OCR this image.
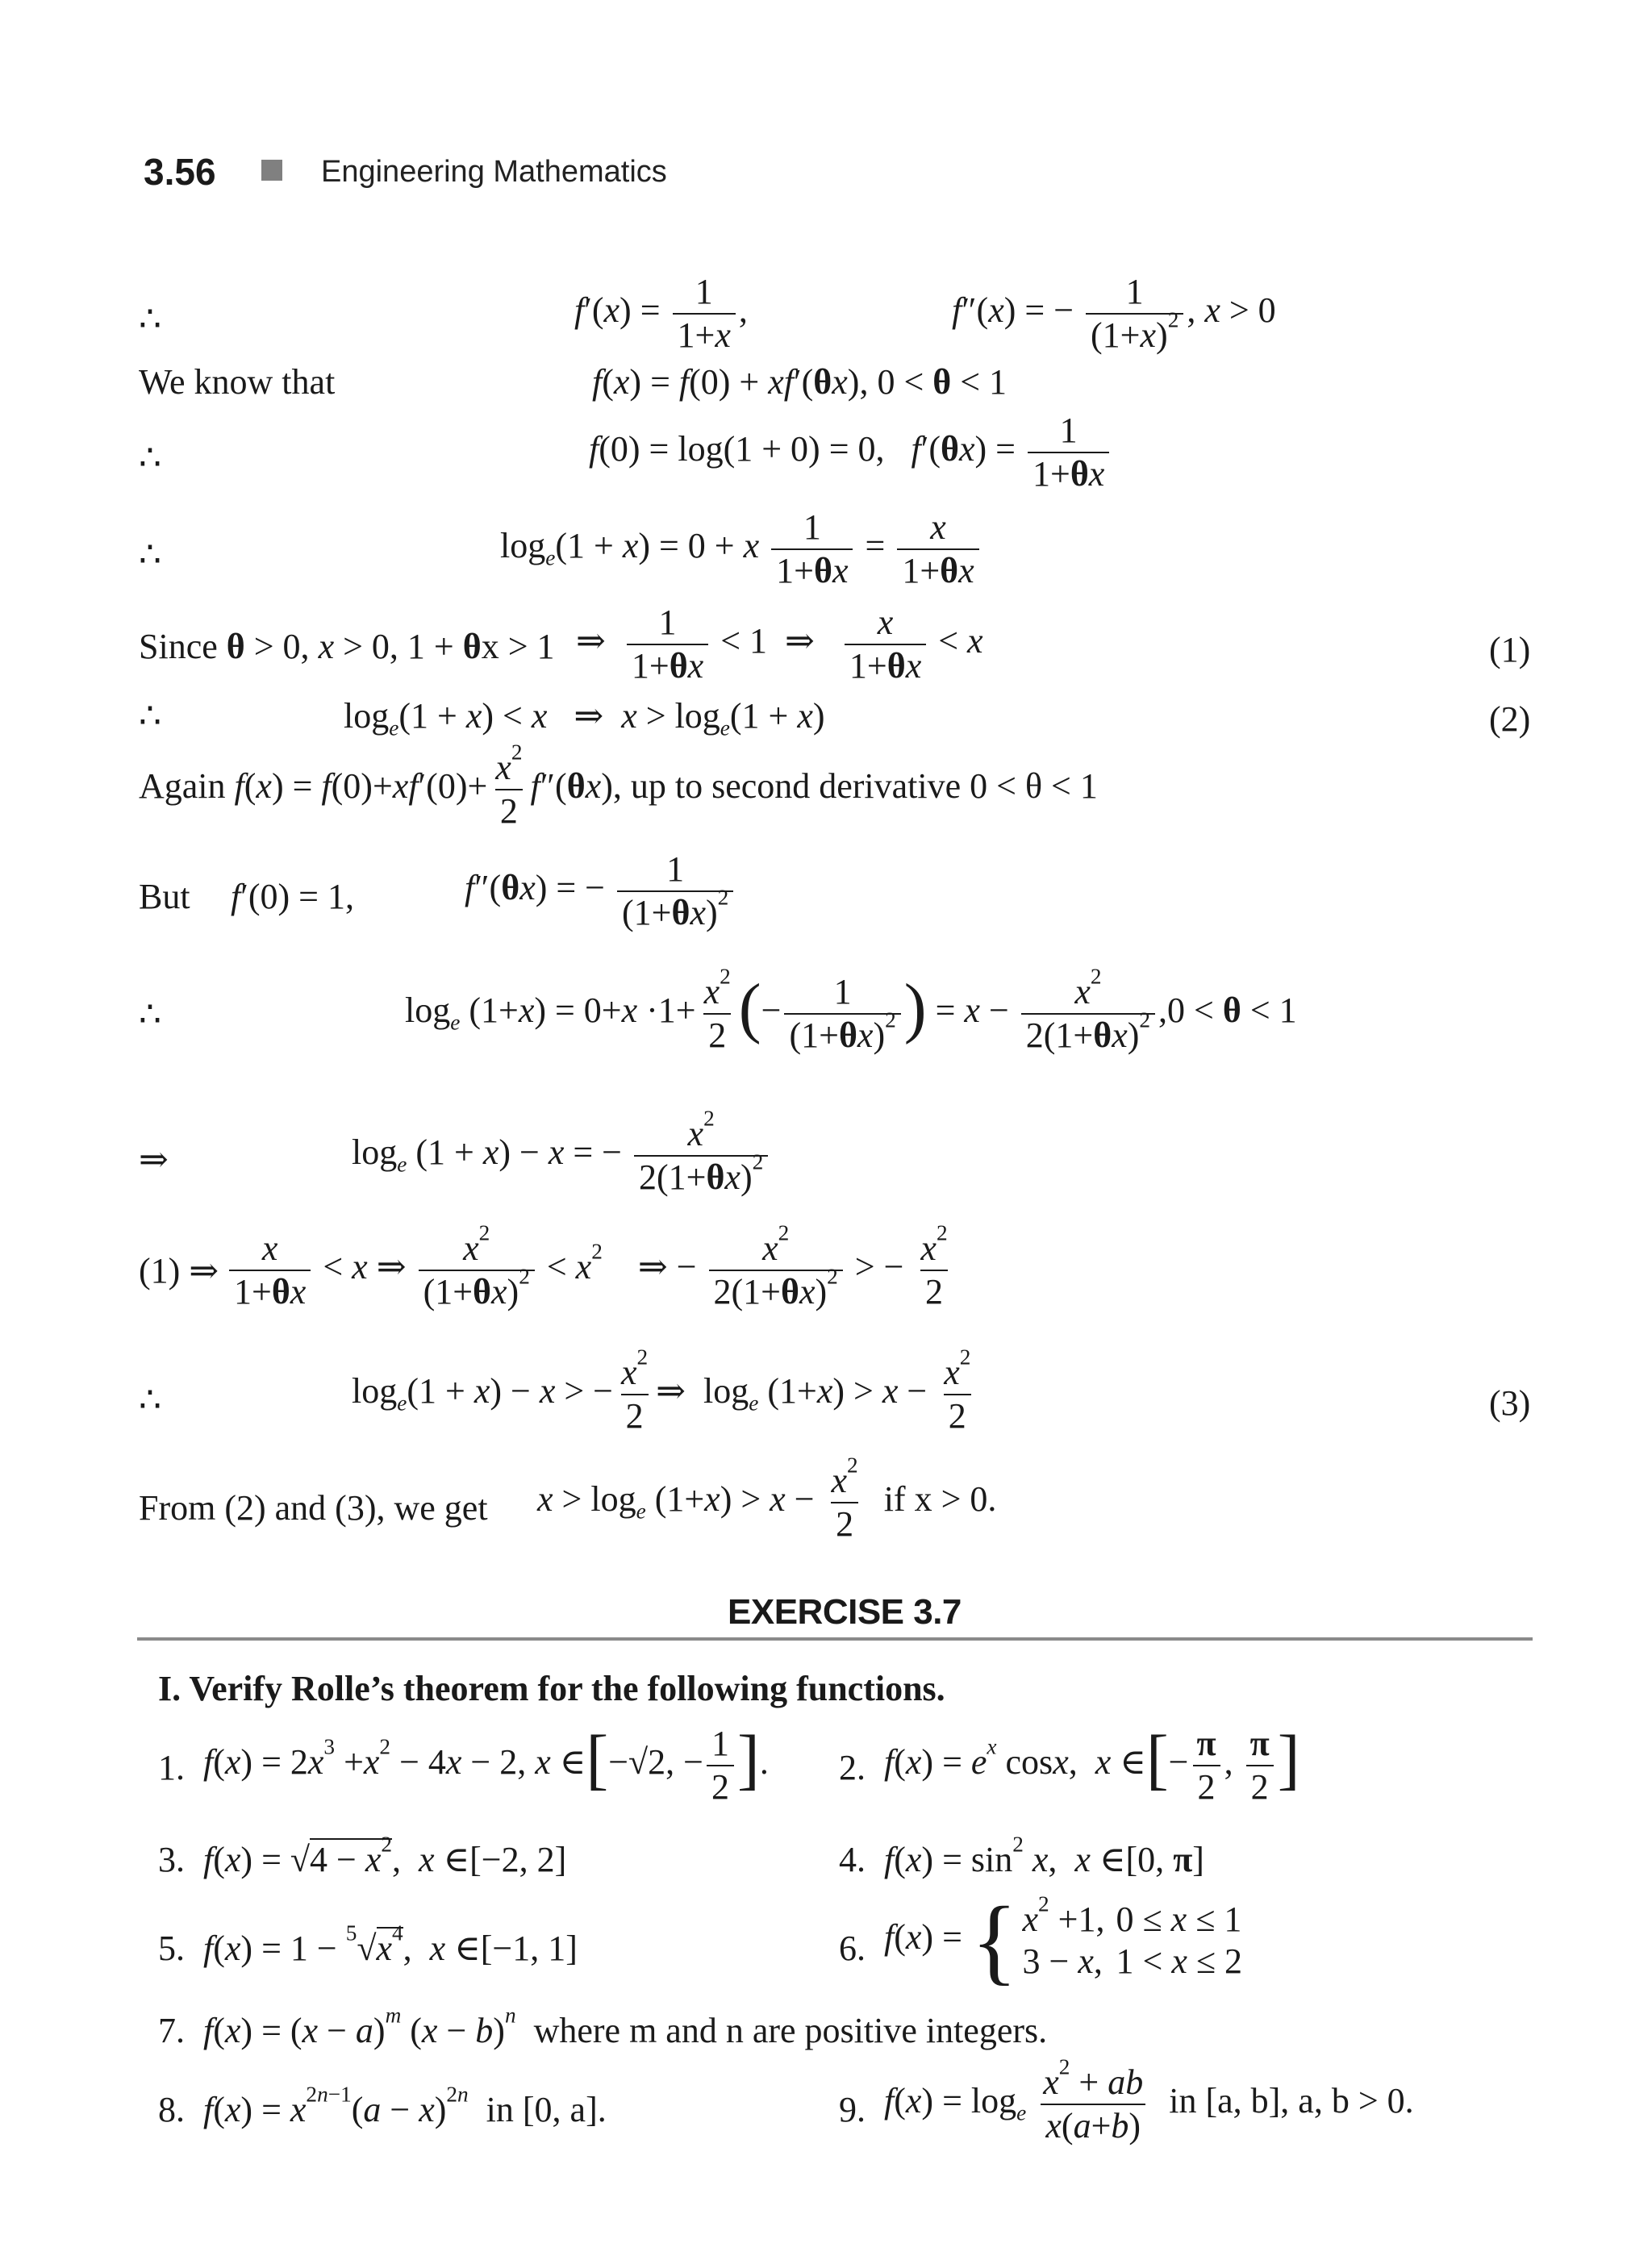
3.56	Engineering Mathematics
∴	$f'(x) = \frac{1}{1+x}$ ,	f″(x) = − $\frac{1}{(1+x)^2}$ , x > 0
We know that	f(x) = f(0) + xf′(θx), 0 < θ < 1
∴	f(0) = log(1 + 0) = 0,   $f'(\theta x) = \frac{1}{1+\theta x}$
∴	$\log_e(1 + x) = 0 + x \frac{1}{1+\theta x} = \frac{x}{1+\theta x}$
Since θ > 0, x > 0, 1 + θx > 1 ⇒ $\frac{1}{1+\theta x} < 1$  ⇒ $\frac{x}{1+\theta x} < x$	(1)
∴	$\log_e(1 + x) < x$   ⇒  $x > \log_e(1 + x)$	(2)
Again $f(x) = f(0)+xf'(0)+ \frac{x^2}{2} f''(\theta x)$, up to second derivative 0 < θ < 1
But f′(0) = 1,	f″(θx) = − $\frac{1}{(1+\theta x)^2}$
∴	$\log_e (1+x) = 0+x \cdot 1+ \frac{x^2}{2}$ (− $\frac{1}{(1+\theta x)^2}$ ) = $x - \frac{x^2}{2(1+\theta x)^2} ,0 < \theta < 1$
⇒	$\log_e (1 + x) - x$ = − $\frac{x^2}{2(1+\theta x)^2}$
(1) ⇒ $\frac{x}{1+\theta x} < x$ ⇒ $\frac{x^2}{(1+\theta x)^2} < x^2$    ⇒ − $\frac{x^2}{2(1+\theta x)^2}$ > − $\frac{x^2}{2}$
∴	$\log_e(1 + x) - x$ > − $\frac{x^2}{2}$ ⇒  $\log_e (1+x) > x - \frac{x^2}{2}$	(3)
From (2) and (3), we get $x > \log_e (1+x) > x - \frac{x^2}{2}$ if x > 0.
EXERCISE 3.7
I. Verify Rolle’s theorem for the following functions.
1. $f(x) = 2x^3 +x^2 - 4x - 2$, x ∈[−√2, − $\frac{1}{2}$ ]. 2. $f(x) = e^x$ cosx,  x ∈[− $\frac{\pi}{2}$ , $\frac{\pi}{2}$ ]
3. $f(x) = √4 - x^2$,  x ∈[−2, 2]	4. $f(x) = \sin^2 x$,  x ∈[0, π]
5. $f(x) = 1 - ^5√x^4$,  x ∈[−1, 1]	6. f(x) = { $x^2 +1$,	0 ≤ x ≤ 1
3 − x,	1 < x ≤ 2
7. $f(x) = (x - a)^m$ $(x - b)^n$ where m and n are positive integers.
8. $f(x) = x^{2n-1}(a - x)^{2n}$ in [0, a].	9. $f(x) = \log_e \frac{x^2 + ab}{x(a+b)}$ in [a, b], a, b > 0.
